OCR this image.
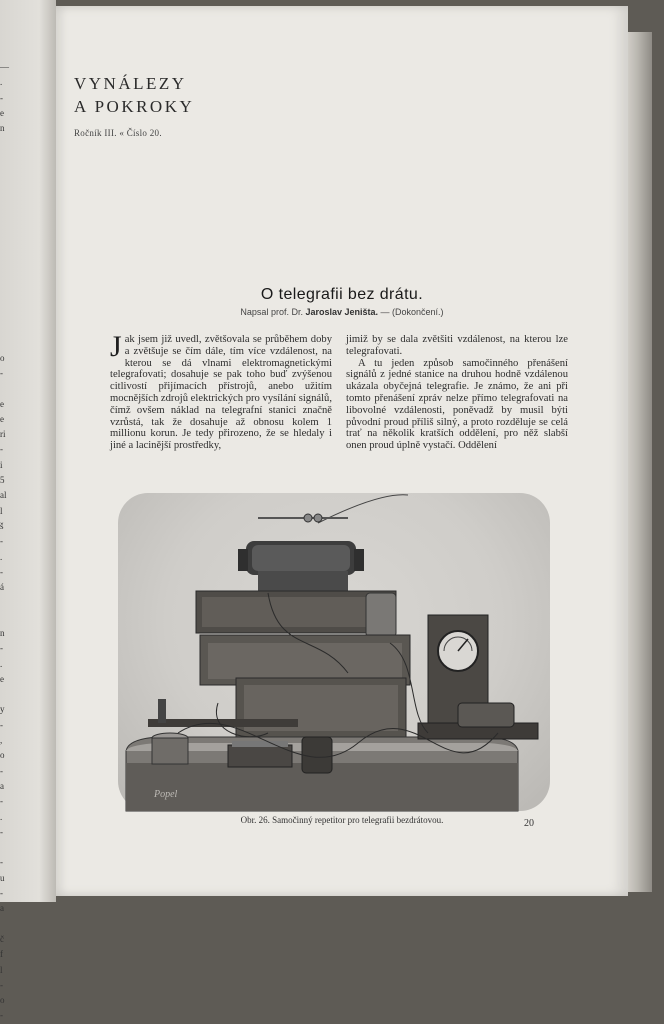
—
.
-
e
n

o
-

e
e
ri
-
i
5
al
l
š
-
.
-
á

n
-
.
e

y
-
,
o
-
a
-
.
-

-
u
-
a

č
f
l
-
o
-
VYNÁLEZY
A POKROKY
Ročník III. « Číslo 20.
O telegrafii bez drátu.
Napsal prof. Dr. Jaroslav Jeništa. — (Dokončení.)

Jak jsem již uvedl, zvětšovala se průběhem doby a zvětšuje se čím dále, tím více vzdálenost, na kterou se dá vlnami elektromagnetickými telegrafovati; dosahuje se pak toho buď zvýšenou citlivostí přijímacích přístrojů, anebo užitím mocnějších zdrojů elektrických pro vysílání signálů, čímž ovšem náklad na telegrafní stanici značně vzrůstá, tak že dosahuje až obnosu kolem 1 millionu korun. Je tedy přirozeno, že se hledaly i jiné a lacinější prostředky,

jimiž by se dala zvětšiti vzdálenost, na kterou lze telegrafovati.

A tu jeden způsob samočinného přenášení signálů z jedné stanice na druhou hodně vzdálenou ukázala obyčejná telegrafie. Je známo, že ani při tomto přenášení zpráv nelze přímo telegrafovati na libovolné vzdálenosti, poněvadž by musil býti původní proud příliš silný, a proto rozděluje se celá trať na několik kratších oddělení, pro něž slabší onen proud úplně vystačí. Oddělení

Popel
Obr. 26. Samočinný repetitor pro telegrafii bezdrátovou.	20
